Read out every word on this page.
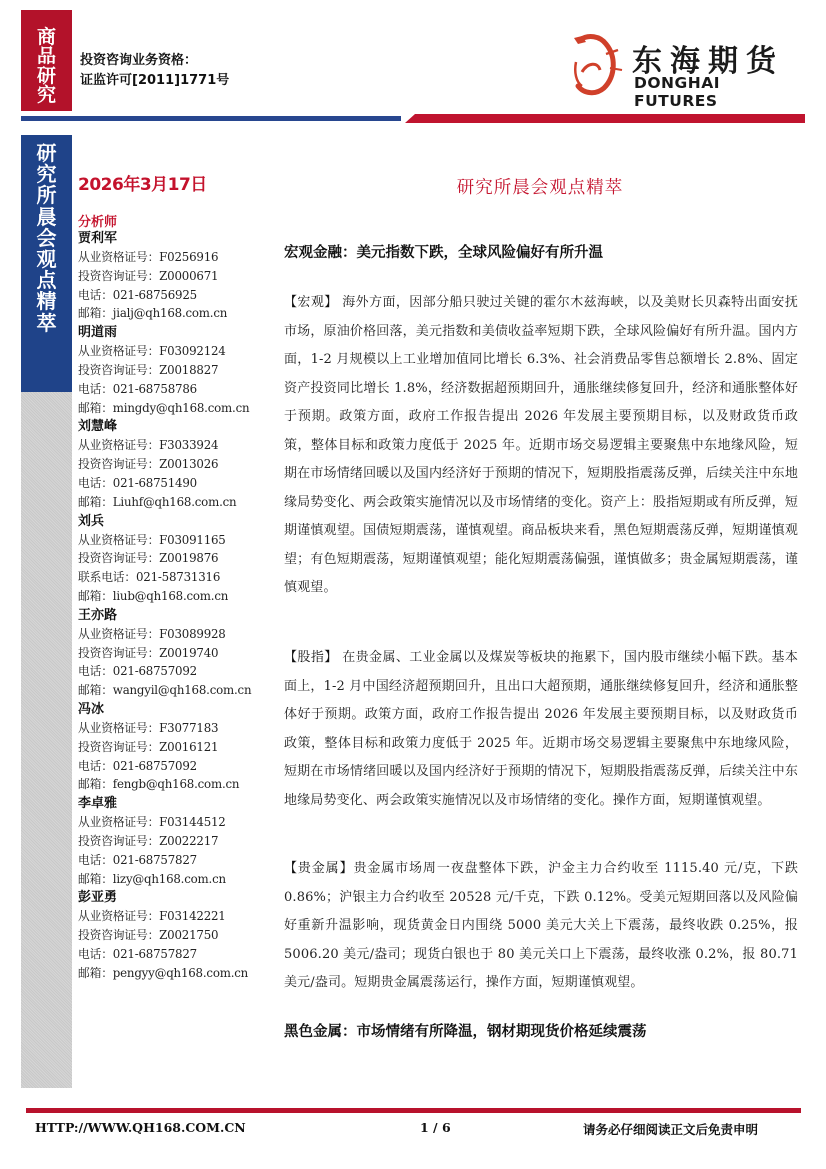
商品研究
投资咨询业务资格：
证监许可[2011]1771号
东海期货
DONGHAI FUTURES
研究所晨会观点精萃
2026年3月17日
分析师
贾利军
从业资格证号：F0256916
投资咨询证号：Z0000671
电话：021-68756925
邮箱：jialj@qh168.com.cn
明道雨
从业资格证号：F03092124
投资咨询证号：Z0018827
电话：021-68758786
邮箱：mingdy@qh168.com.cn
刘慧峰
从业资格证号：F3033924
投资咨询证号：Z0013026
电话：021-68751490
邮箱：Liuhf@qh168.com.cn
刘兵
从业资格证号：F03091165
投资咨询证号：Z0019876
联系电话：021-58731316
邮箱：liub@qh168.com.cn
王亦路
从业资格证号：F03089928
投资咨询证号：Z0019740
电话：021-68757092
邮箱：wangyil@qh168.com.cn
冯冰
从业资格证号：F3077183
投资咨询证号：Z0016121
电话：021-68757092
邮箱：fengb@qh168.com.cn
李卓雅
从业资格证号：F03144512
投资咨询证号：Z0022217
电话：021-68757827
邮箱：lizy@qh168.com.cn
彭亚勇
从业资格证号：F03142221
投资咨询证号：Z0021750
电话：021-68757827
邮箱：pengyy@qh168.com.cn
研究所晨会观点精萃
宏观金融：美元指数下跌，全球风险偏好有所升温
【宏观】 海外方面，因部分船只驶过关键的霍尔木兹海峡，以及美财长贝森特出面安抚市场，原油价格回落，美元指数和美债收益率短期下跌，全球风险偏好有所升温。国内方面，1-2 月规模以上工业增加值同比增长 6.3%、社会消费品零售总额增长 2.8%、固定资产投资同比增长 1.8%，经济数据超预期回升，通胀继续修复回升，经济和通胀整体好于预期。政策方面，政府工作报告提出 2026 年发展主要预期目标，以及财政货币政策，整体目标和政策力度低于 2025 年。近期市场交易逻辑主要聚焦中东地缘风险，短期在市场情绪回暖以及国内经济好于预期的情况下，短期股指震荡反弹，后续关注中东地缘局势变化、两会政策实施情况以及市场情绪的变化。资产上：股指短期或有所反弹，短期谨慎观望。国债短期震荡，谨慎观望。商品板块来看，黑色短期震荡反弹，短期谨慎观望；有色短期震荡，短期谨慎观望；能化短期震荡偏强，谨慎做多；贵金属短期震荡，谨慎观望。
【股指】 在贵金属、工业金属以及煤炭等板块的拖累下，国内股市继续小幅下跌。基本面上，1-2 月中国经济超预期回升，且出口大超预期，通胀继续修复回升，经济和通胀整体好于预期。政策方面，政府工作报告提出 2026 年发展主要预期目标，以及财政货币政策，整体目标和政策力度低于 2025 年。近期市场交易逻辑主要聚焦中东地缘风险，短期在市场情绪回暖以及国内经济好于预期的情况下，短期股指震荡反弹，后续关注中东地缘局势变化、两会政策实施情况以及市场情绪的变化。操作方面，短期谨慎观望。
【贵金属】贵金属市场周一夜盘整体下跌，沪金主力合约收至 1115.40 元/克，下跌 0.86%；沪银主力合约收至 20528 元/千克，下跌 0.12%。受美元短期回落以及风险偏好重新升温影响，现货黄金日内围绕 5000 美元大关上下震荡，最终收跌 0.25%，报 5006.20 美元/盎司；现货白银也于 80 美元关口上下震荡，最终收涨 0.2%，报 80.71 美元/盎司。短期贵金属震荡运行，操作方面，短期谨慎观望。
黑色金属：市场情绪有所降温，钢材期现货价格延续震荡
HTTP://WWW.QH168.COM.CN	1 / 6	请务必仔细阅读正文后免责申明
